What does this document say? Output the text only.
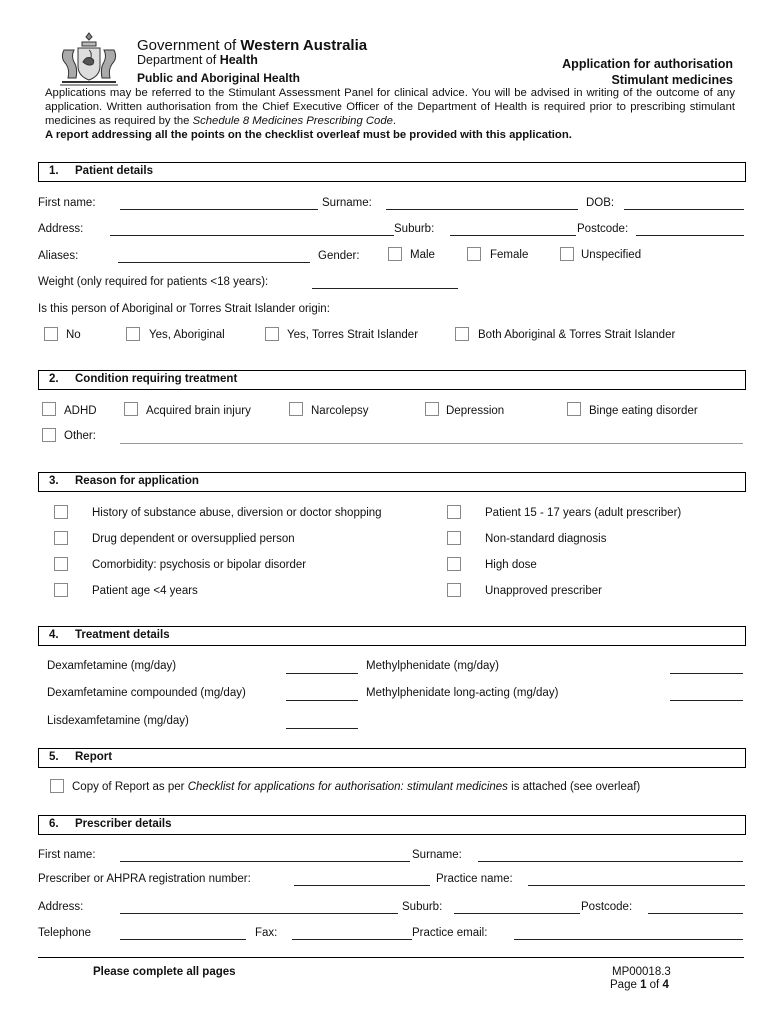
Government of Western Australia
Department of Health
Public and Aboriginal Health
Application for authorisation
Stimulant medicines

Applications may be referred to the Stimulant Assessment Panel for clinical advice. You will be advised in writing of the outcome of any application. Written authorisation from the Chief Executive Officer of the Department of Health is required prior to prescribing stimulant medicines as required by the Schedule 8 Medicines Prescribing Code.

A report addressing all the points on the checklist overleaf must be provided with this application.

1. Patient details
First name:	Surname:	DOB:
Address:	Suburb:	Postcode:
Aliases:	Gender:	Male	Female	Unspecified
Weight (only required for patients <18 years):
Is this person of Aboriginal or Torres Strait Islander origin:
No	Yes, Aboriginal	Yes, Torres Strait Islander	Both Aboriginal & Torres Strait Islander
2. Condition requiring treatment
ADHD	Acquired brain injury	Narcolepsy	Depression	Binge eating disorder
Other:
3. Reason for application
History of substance abuse, diversion or doctor shopping
Drug dependent or oversupplied person
Comorbidity: psychosis or bipolar disorder
Patient age <4 years
Patient 15 - 17 years (adult prescriber)
Non-standard diagnosis
High dose
Unapproved prescriber
4. Treatment details
Dexamfetamine (mg/day)	Methylphenidate (mg/day)
Dexamfetamine compounded (mg/day)	Methylphenidate long-acting (mg/day)
Lisdexamfetamine (mg/day)
5. Report
Copy of Report as per Checklist for applications for authorisation: stimulant medicines is attached (see overleaf)
6. Prescriber details
First name:	Surname:
Prescriber or AHPRA registration number:	Practice name:
Address:	Suburb:	Postcode:
Telephone	Fax:	Practice email:
Please complete all pages	MP00018.3
Page 1 of 4
